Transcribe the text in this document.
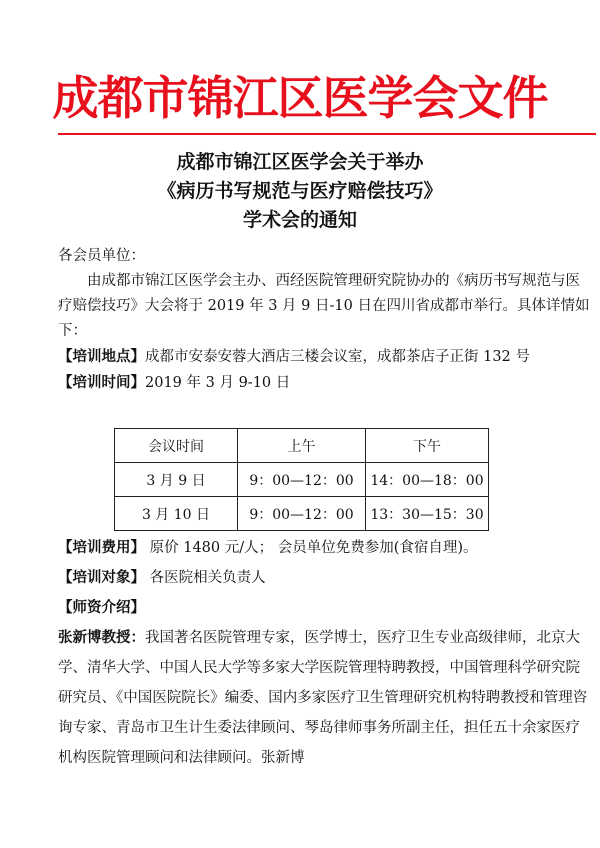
成都市锦江区医学会文件
成都市锦江区医学会关于举办
《病历书写规范与医疗赔偿技巧》
学术会的通知

各会员单位：

由成都市锦江区医学会主办、西经医院管理研究院协办的《病历书写规范与医疗赔偿技巧》大会将于 2019 年 3 月 9 日-10 日在四川省成都市举行。具体详情如下：

【培训地点】成都市安泰安蓉大酒店三楼会议室，成都茶店子正街 132 号

【培训时间】2019 年 3 月 9-10 日

会议时间	上午	下午
3 月 9 日	9：00—12：00	14：00—18：00
3 月 10 日	9：00—12：00	13：30—15：30

【培训费用】 原价 1480 元/人； 会员单位免费参加(食宿自理)。

【培训对象】 各医院相关负责人

【师资介绍】

张新博教授：我国著名医院管理专家，医学博士，医疗卫生专业高级律师，北京大学、清华大学、中国人民大学等多家大学医院管理特聘教授，中国管理科学研究院研究员、《中国医院院长》编委、国内多家医疗卫生管理研究机构特聘教授和管理咨询专家、青岛市卫生计生委法律顾问、琴岛律师事务所副主任，担任五十余家医疗机构医院管理顾问和法律顾问。张新博
